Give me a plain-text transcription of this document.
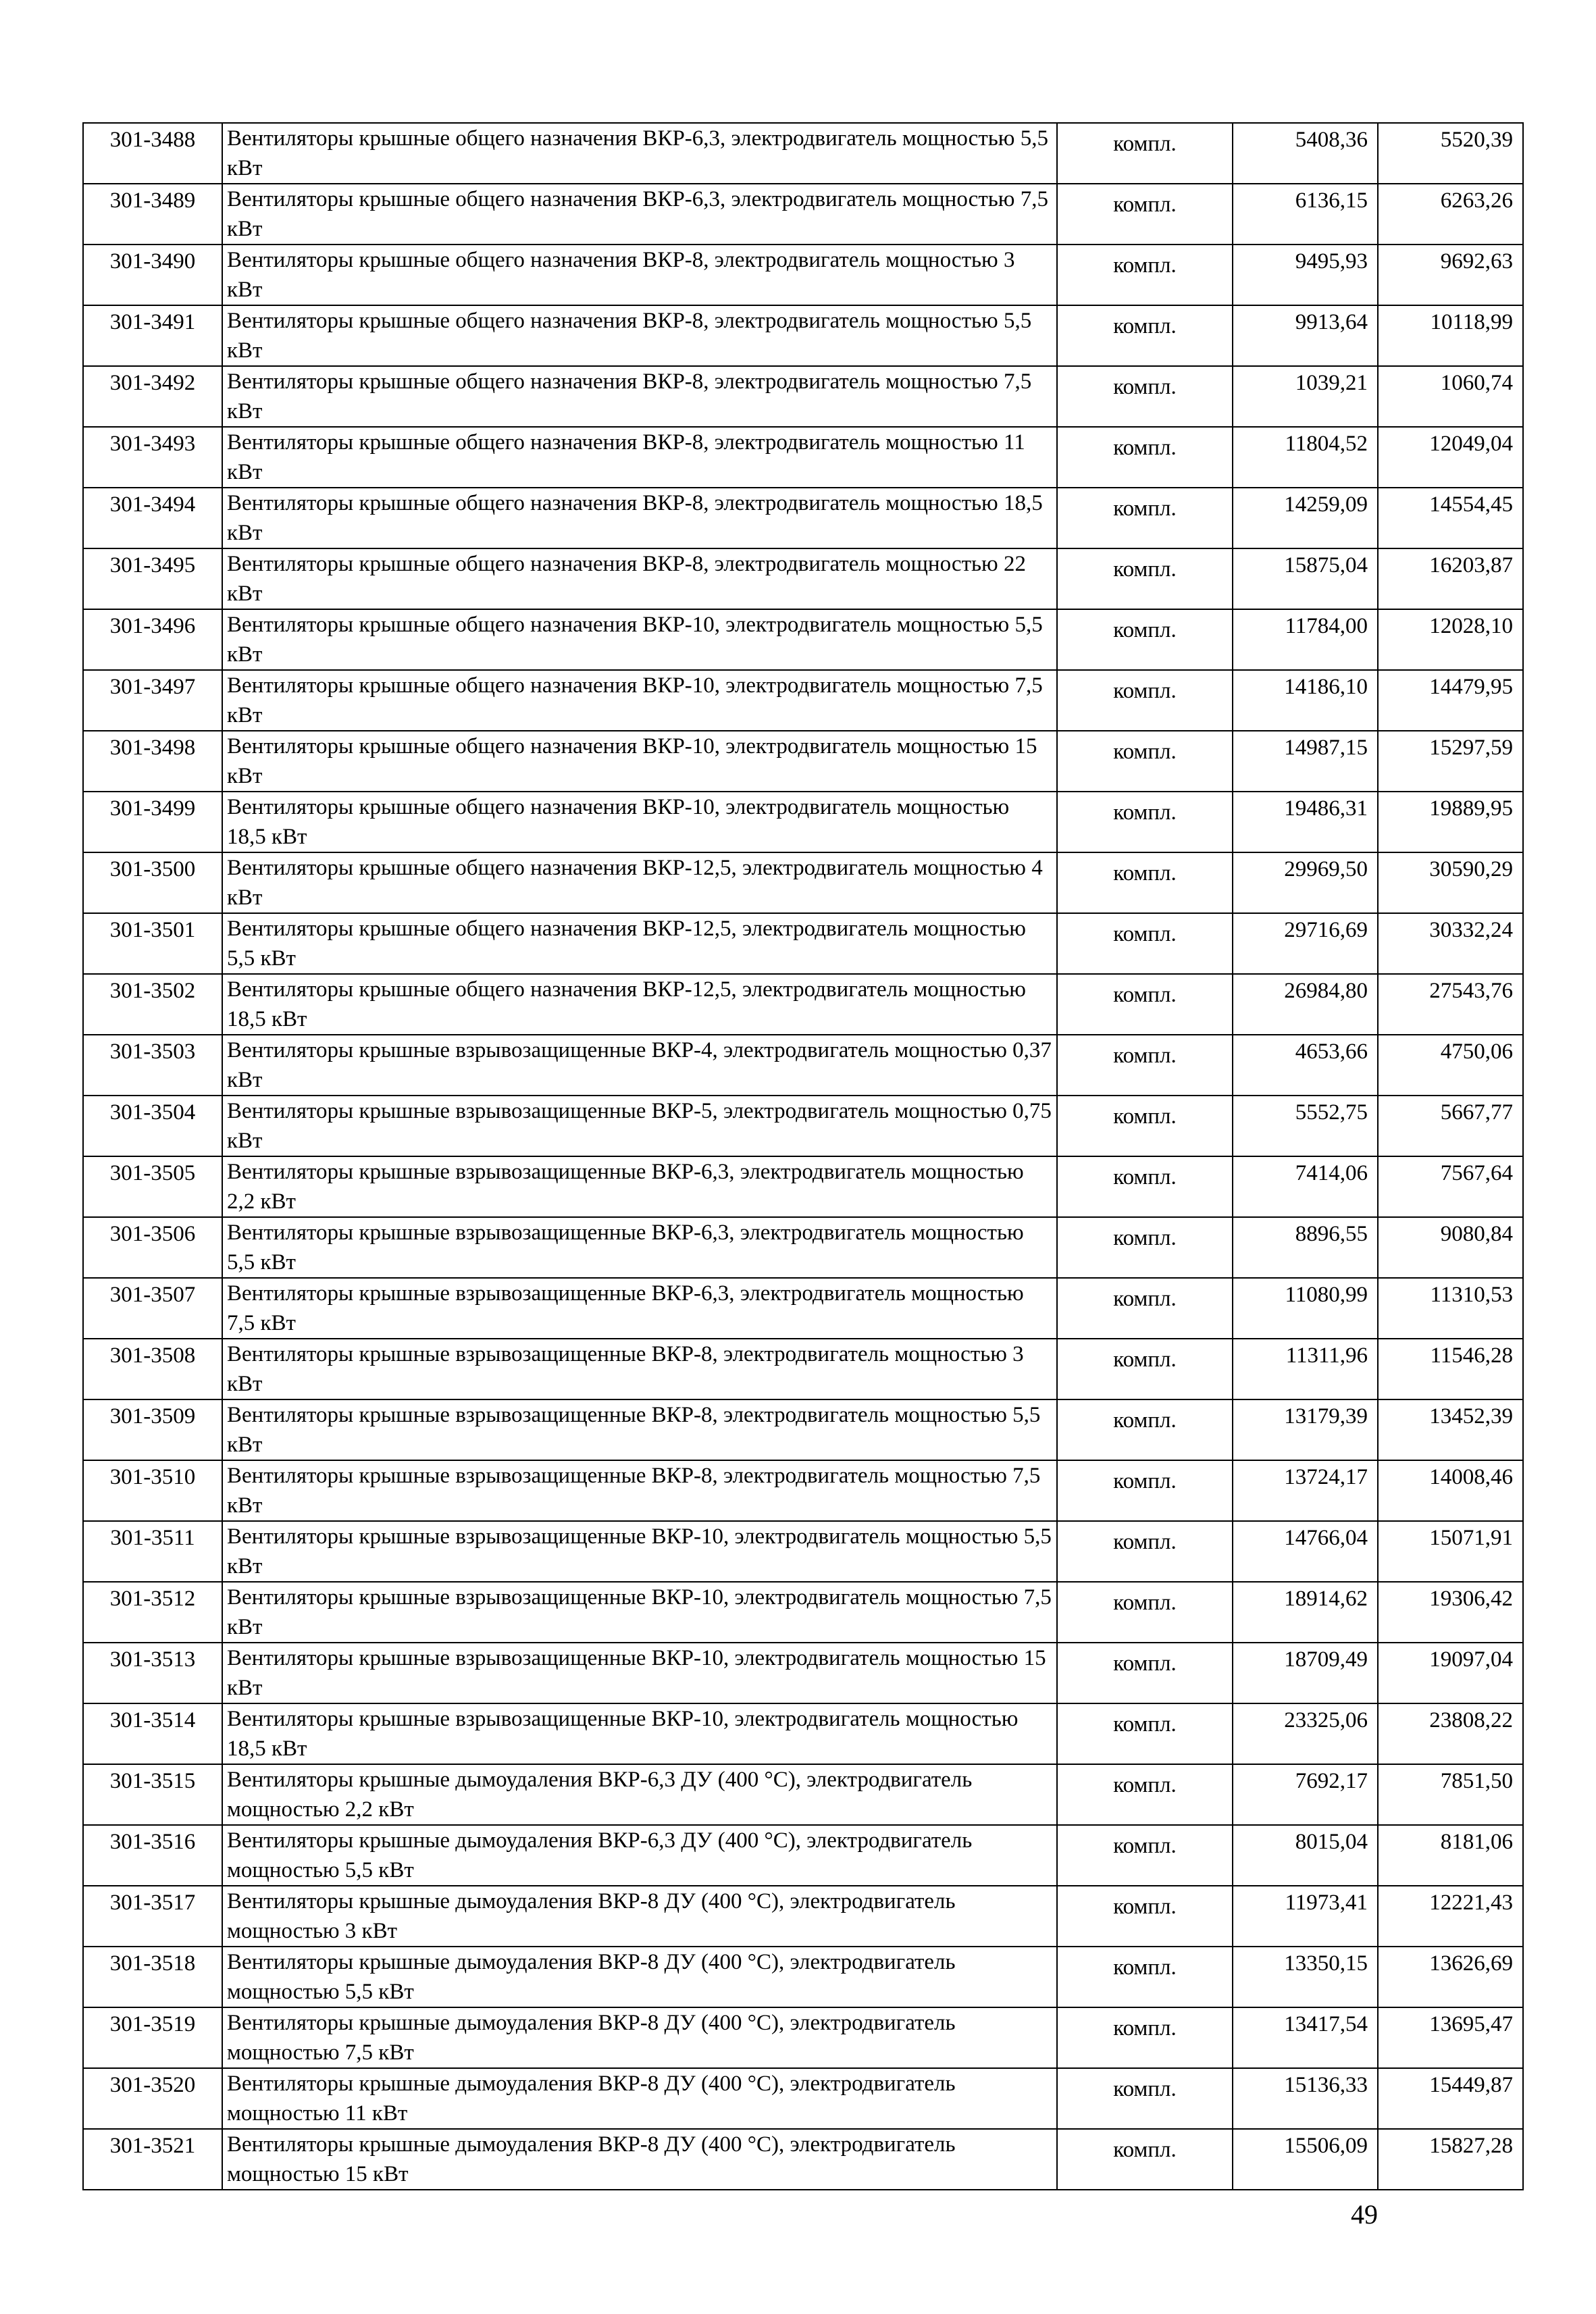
301-3488	Вентиляторы крышные общего назначения ВКР-6,3, электродвигатель мощностью 5,5 кВт	компл.	5408,36	5520,39
301-3489	Вентиляторы крышные общего назначения ВКР-6,3, электродвигатель мощностью 7,5 кВт	компл.	6136,15	6263,26
301-3490	Вентиляторы крышные общего назначения ВКР-8, электродвигатель мощностью 3 кВт	компл.	9495,93	9692,63
301-3491	Вентиляторы крышные общего назначения ВКР-8, электродвигатель мощностью 5,5 кВт	компл.	9913,64	10118,99
301-3492	Вентиляторы крышные общего назначения ВКР-8, электродвигатель мощностью 7,5 кВт	компл.	1039,21	1060,74
301-3493	Вентиляторы крышные общего назначения ВКР-8, электродвигатель мощностью 11 кВт	компл.	11804,52	12049,04
301-3494	Вентиляторы крышные общего назначения ВКР-8, электродвигатель мощностью 18,5 кВт	компл.	14259,09	14554,45
301-3495	Вентиляторы крышные общего назначения ВКР-8, электродвигатель мощностью 22 кВт	компл.	15875,04	16203,87
301-3496	Вентиляторы крышные общего назначения ВКР-10, электродвигатель мощностью 5,5 кВт	компл.	11784,00	12028,10
301-3497	Вентиляторы крышные общего назначения ВКР-10, электродвигатель мощностью 7,5 кВт	компл.	14186,10	14479,95
301-3498	Вентиляторы крышные общего назначения ВКР-10, электродвигатель мощностью 15 кВт	компл.	14987,15	15297,59
301-3499	Вентиляторы крышные общего назначения ВКР-10, электродвигатель мощностью 18,5 кВт	компл.	19486,31	19889,95
301-3500	Вентиляторы крышные общего назначения ВКР-12,5, электродвигатель мощностью 4 кВт	компл.	29969,50	30590,29
301-3501	Вентиляторы крышные общего назначения ВКР-12,5, электродвигатель мощностью 5,5 кВт	компл.	29716,69	30332,24
301-3502	Вентиляторы крышные общего назначения ВКР-12,5, электродвигатель мощностью 18,5 кВт	компл.	26984,80	27543,76
301-3503	Вентиляторы крышные взрывозащищенные ВКР-4, электродвигатель мощностью 0,37 кВт	компл.	4653,66	4750,06
301-3504	Вентиляторы крышные взрывозащищенные ВКР-5, электродвигатель мощностью 0,75 кВт	компл.	5552,75	5667,77
301-3505	Вентиляторы крышные взрывозащищенные ВКР-6,3, электродвигатель мощностью 2,2 кВт	компл.	7414,06	7567,64
301-3506	Вентиляторы крышные взрывозащищенные ВКР-6,3, электродвигатель мощностью 5,5 кВт	компл.	8896,55	9080,84
301-3507	Вентиляторы крышные взрывозащищенные ВКР-6,3, электродвигатель мощностью 7,5 кВт	компл.	11080,99	11310,53
301-3508	Вентиляторы крышные взрывозащищенные ВКР-8, электродвигатель мощностью 3 кВт	компл.	11311,96	11546,28
301-3509	Вентиляторы крышные взрывозащищенные ВКР-8, электродвигатель мощностью 5,5 кВт	компл.	13179,39	13452,39
301-3510	Вентиляторы крышные взрывозащищенные ВКР-8, электродвигатель мощностью 7,5 кВт	компл.	13724,17	14008,46
301-3511	Вентиляторы крышные взрывозащищенные ВКР-10, электродвигатель мощностью 5,5 кВт	компл.	14766,04	15071,91
301-3512	Вентиляторы крышные взрывозащищенные ВКР-10, электродвигатель мощностью 7,5 кВт	компл.	18914,62	19306,42
301-3513	Вентиляторы крышные взрывозащищенные ВКР-10, электродвигатель мощностью 15 кВт	компл.	18709,49	19097,04
301-3514	Вентиляторы крышные взрывозащищенные ВКР-10, электродвигатель мощностью 18,5 кВт	компл.	23325,06	23808,22
301-3515	Вентиляторы крышные дымоудаления ВКР-6,3 ДУ (400 °С), электродвигатель мощностью 2,2 кВт	компл.	7692,17	7851,50
301-3516	Вентиляторы крышные дымоудаления ВКР-6,3 ДУ (400 °С), электродвигатель мощностью 5,5 кВт	компл.	8015,04	8181,06
301-3517	Вентиляторы крышные дымоудаления ВКР-8 ДУ (400 °С), электродвигатель мощностью 3 кВт	компл.	11973,41	12221,43
301-3518	Вентиляторы крышные дымоудаления ВКР-8 ДУ (400 °С), электродвигатель мощностью 5,5 кВт	компл.	13350,15	13626,69
301-3519	Вентиляторы крышные дымоудаления ВКР-8 ДУ (400 °С), электродвигатель мощностью 7,5 кВт	компл.	13417,54	13695,47
301-3520	Вентиляторы крышные дымоудаления ВКР-8 ДУ (400 °С), электродвигатель мощностью 11 кВт	компл.	15136,33	15449,87
301-3521	Вентиляторы крышные дымоудаления ВКР-8 ДУ (400 °С), электродвигатель мощностью 15 кВт	компл.	15506,09	15827,28
49
